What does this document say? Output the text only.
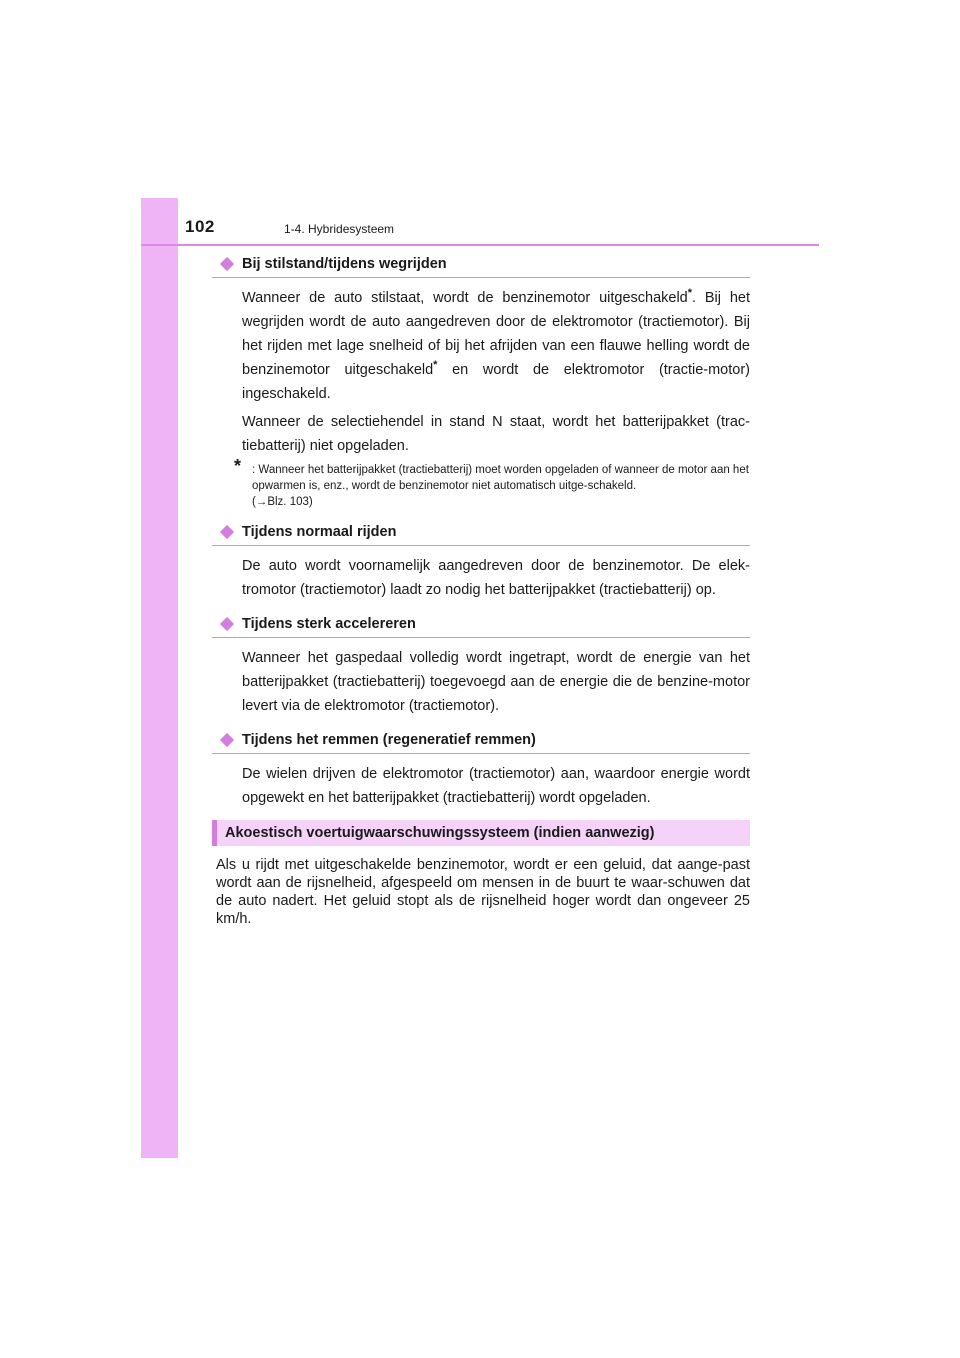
102	1-4. Hybridesysteem
Bij stilstand/tijdens wegrijden
Wanneer de auto stilstaat, wordt de benzinemotor uitgeschakeld*. Bij het wegrijden wordt de auto aangedreven door de elektromotor (tractiemotor). Bij het rijden met lage snelheid of bij het afrijden van een flauwe helling wordt de benzinemotor uitgeschakeld* en wordt de elektromotor (tractie-motor) ingeschakeld.
Wanneer de selectiehendel in stand N staat, wordt het batterijpakket (trac-tiebatterij) niet opgeladen.
* : Wanneer het batterijpakket (tractiebatterij) moet worden opgeladen of wanneer de motor aan het opwarmen is, enz., wordt de benzinemotor niet automatisch uitge-schakeld.
(→Blz. 103)
Tijdens normaal rijden
De auto wordt voornamelijk aangedreven door de benzinemotor. De elek-tromotor (tractiemotor) laadt zo nodig het batterijpakket (tractiebatterij) op.
Tijdens sterk accelereren
Wanneer het gaspedaal volledig wordt ingetrapt, wordt de energie van het batterijpakket (tractiebatterij) toegevoegd aan de energie die de benzine-motor levert via de elektromotor (tractiemotor).
Tijdens het remmen (regeneratief remmen)
De wielen drijven de elektromotor (tractiemotor) aan, waardoor energie wordt opgewekt en het batterijpakket (tractiebatterij) wordt opgeladen.
Akoestisch voertuigwaarschuwingssysteem (indien aanwezig)
Als u rijdt met uitgeschakelde benzinemotor, wordt er een geluid, dat aange-past wordt aan de rijsnelheid, afgespeeld om mensen in de buurt te waar-schuwen dat de auto nadert. Het geluid stopt als de rijsnelheid hoger wordt dan ongeveer 25 km/h.
